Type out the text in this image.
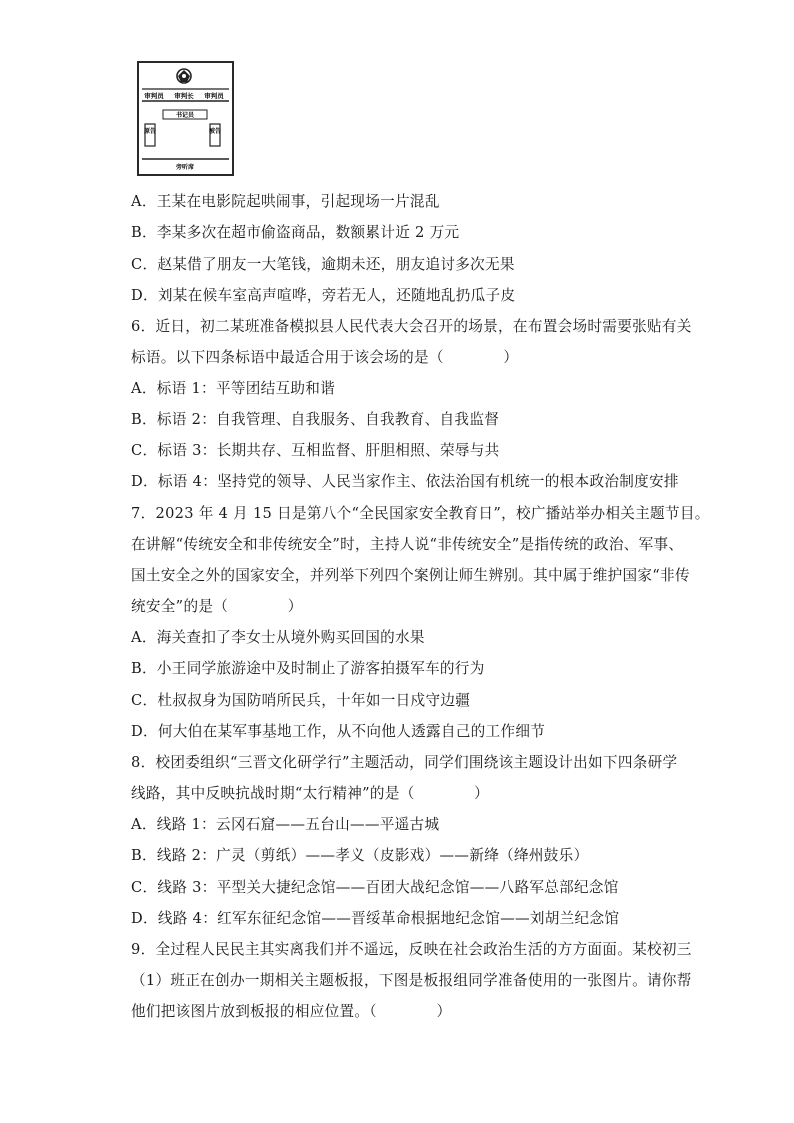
审判员 审判长 审判员
书记员
原告	被告
旁听席
A．王某在电影院起哄闹事，引起现场一片混乱
B．李某多次在超市偷盗商品，数额累计近 2 万元
C．赵某借了朋友一大笔钱，逾期未还，朋友追讨多次无果
D．刘某在候车室高声喧哗，旁若无人，还随地乱扔瓜子皮
6．近日，初二某班准备模拟县人民代表大会召开的场景，在布置会场时需要张贴有关
标语。以下四条标语中最适合用于该会场的是（　　　　）
A．标语 1：平等团结互助和谐
B．标语 2：自我管理、自我服务、自我教育、自我监督
C．标语 3：长期共存、互相监督、肝胆相照、荣辱与共
D．标语 4：坚持党的领导、人民当家作主、依法治国有机统一的根本政治制度安排
7．2023 年 4 月 15 日是第八个“全民国家安全教育日”，校广播站举办相关主题节目。
在讲解“传统安全和非传统安全”时，主持人说“非传统安全”是指传统的政治、军事、
国土安全之外的国家安全，并列举下列四个案例让师生辨别。其中属于维护国家“非传
统安全”的是（　　　　）
A．海关查扣了李女士从境外购买回国的水果
B．小王同学旅游途中及时制止了游客拍摄军车的行为
C．杜叔叔身为国防哨所民兵，十年如一日戍守边疆
D．何大伯在某军事基地工作，从不向他人透露自己的工作细节
8．校团委组织“三晋文化研学行”主题活动，同学们围绕该主题设计出如下四条研学
线路，其中反映抗战时期“太行精神”的是（　　　　）
A．线路 1：云冈石窟——五台山——平遥古城
B．线路 2：广灵（剪纸）——孝义（皮影戏）——新绛（绛州鼓乐）
C．线路 3：平型关大捷纪念馆——百团大战纪念馆——八路军总部纪念馆
D．线路 4：红军东征纪念馆——晋绥革命根据地纪念馆——刘胡兰纪念馆
9．全过程人民民主其实离我们并不遥远，反映在社会政治生活的方方面面。某校初三
（1）班正在创办一期相关主题板报，下图是板报组同学准备使用的一张图片。请你帮
他们把该图片放到板报的相应位置。（　　　　）
